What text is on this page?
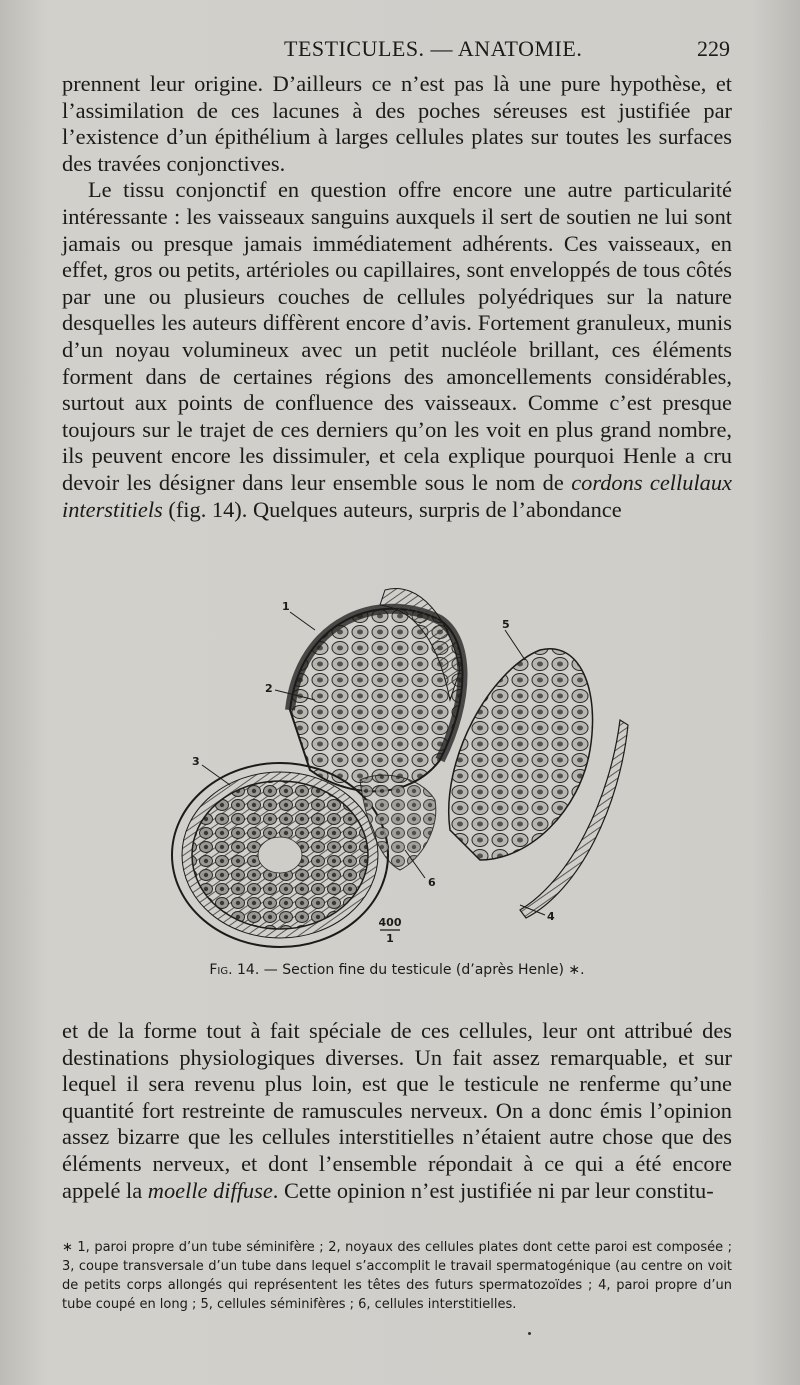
TESTICULES. — ANATOMIE.	229

prennent leur origine. D’ailleurs ce n’est pas là une pure hypothèse, et l’assimilation de ces lacunes à des poches séreuses est justifiée par l’existence d’un épithélium à larges cellules plates sur toutes les surfaces des travées conjonctives.

Le tissu conjonctif en question offre encore une autre particularité intéressante : les vaisseaux sanguins auxquels il sert de soutien ne lui sont jamais ou presque jamais immédiatement adhérents. Ces vaisseaux, en effet, gros ou petits, artérioles ou capillaires, sont enveloppés de tous côtés par une ou plusieurs couches de cellules polyédriques sur la nature desquelles les auteurs diffèrent encore d’avis. Fortement granuleux, munis d’un noyau volumineux avec un petit nucléole brillant, ces éléments forment dans de certaines régions des amoncellements considérables, surtout aux points de confluence des vaisseaux. Comme c’est presque toujours sur le trajet de ces derniers qu’on les voit en plus grand nombre, ils peuvent encore les dissimuler, et cela explique pourquoi Henle a cru devoir les désigner dans leur ensemble sous le nom de cordons cellulaux interstitiels (fig. 14). Quelques auteurs, surpris de l’abondance

1
2
3
4
5
6
400
1
Fig. 14. — Section fine du testicule (d’après Henle) ∗.

et de la forme tout à fait spéciale de ces cellules, leur ont attribué des destinations physiologiques diverses. Un fait assez remarquable, et sur lequel il sera revenu plus loin, est que le testicule ne renferme qu’une quantité fort restreinte de ramuscules nerveux. On a donc émis l’opinion assez bizarre que les cellules interstitielles n’étaient autre chose que des éléments nerveux, et dont l’ensemble répondait à ce qui a été encore appelé la moelle diffuse. Cette opinion n’est justifiée ni par leur constitu-

∗ 1, paroi propre d’un tube séminifère ; 2, noyaux des cellules plates dont cette paroi est composée ; 3, coupe transversale d’un tube dans lequel s’accomplit le travail spermatogénique (au centre on voit de petits corps allongés qui représentent les têtes des futurs spermatozoïdes ; 4, paroi propre d’un tube coupé en long ; 5, cellules séminifères ; 6, cellules interstitielles.
